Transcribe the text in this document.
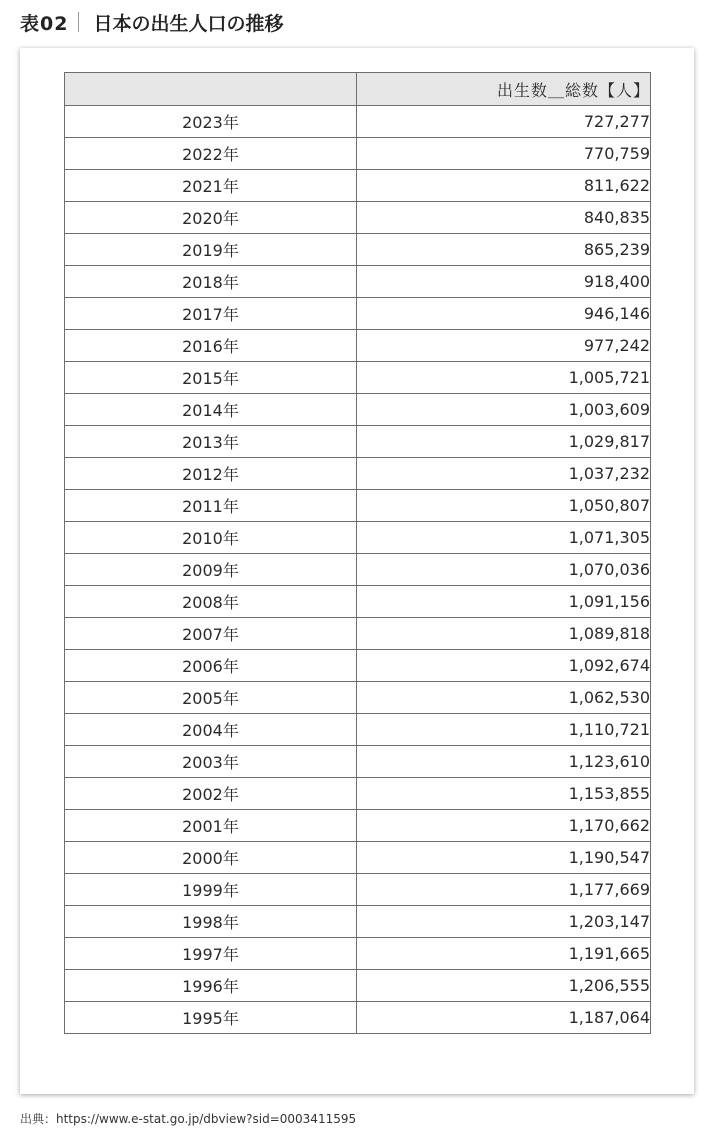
表02 日本の出生人口の推移
	出生数＿総数【人】
2023年	727,277
2022年	770,759
2021年	811,622
2020年	840,835
2019年	865,239
2018年	918,400
2017年	946,146
2016年	977,242
2015年	1,005,721
2014年	1,003,609
2013年	1,029,817
2012年	1,037,232
2011年	1,050,807
2010年	1,071,305
2009年	1,070,036
2008年	1,091,156
2007年	1,089,818
2006年	1,092,674
2005年	1,062,530
2004年	1,110,721
2003年	1,123,610
2002年	1,153,855
2001年	1,170,662
2000年	1,190,547
1999年	1,177,669
1998年	1,203,147
1997年	1,191,665
1996年	1,206,555
1995年	1,187,064
出典：https://www.e-stat.go.jp/dbview?sid=0003411595
